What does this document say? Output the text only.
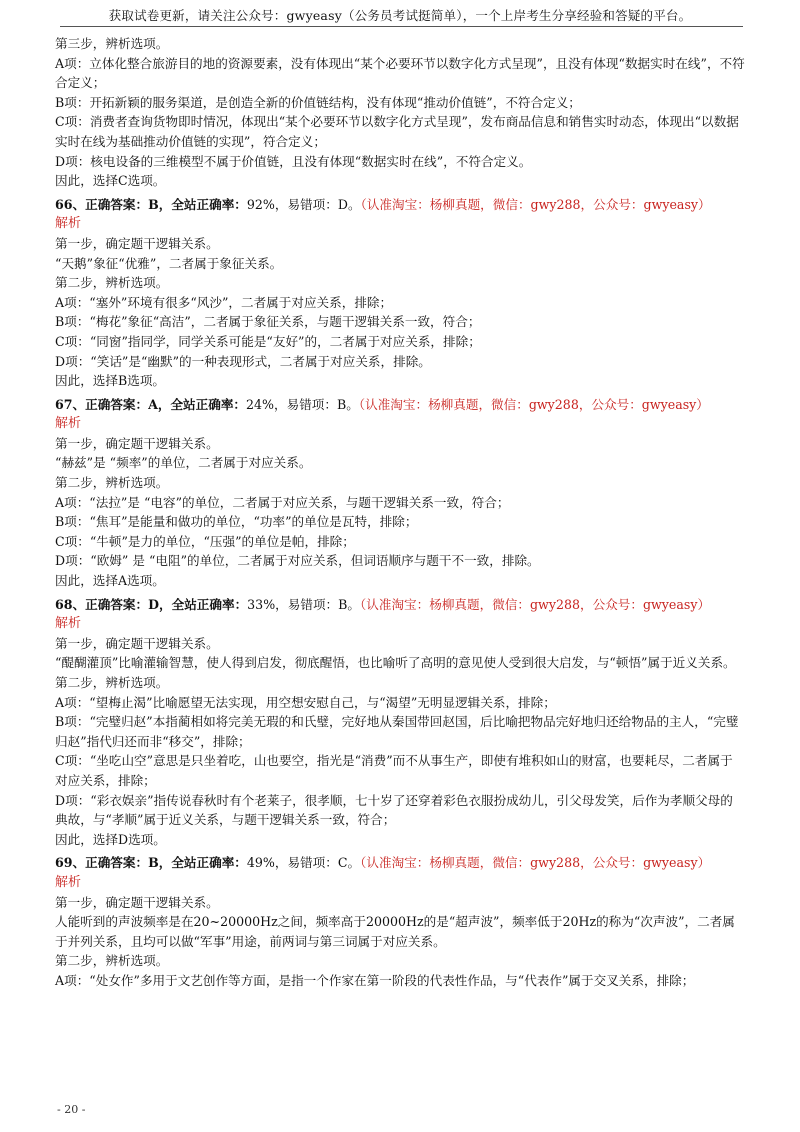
获取试卷更新，请关注公众号：gwyeasy（公务员考试挺简单），一个上岸考生分享经验和答疑的平台。
第三步，辨析选项。
A项：立体化整合旅游目的地的资源要素，没有体现出“某个必要环节以数字化方式呈现”，且没有体现“数据实时在线”，不符合定义；
B项：开拓新颖的服务渠道，是创造全新的价值链结构，没有体现“推动价值链”，不符合定义；
C项：消费者查询货物即时情况，体现出“某个必要环节以数字化方式呈现”，发布商品信息和销售实时动态，体现出“以数据实时在线为基础推动价值链的实现”，符合定义；
D项：核电设备的三维模型不属于价值链，且没有体现“数据实时在线”，不符合定义。
因此，选择C选项。
66、正确答案：B，全站正确率：92%，易错项：D。（认准淘宝：杨柳真题，微信：gwy288，公众号：gwyeasy）
解析
第一步，确定题干逻辑关系。
“天鹅”象征“优雅”，二者属于象征关系。
第二步，辨析选项。
A项：“塞外”环境有很多“风沙”，二者属于对应关系，排除；
B项：“梅花”象征“高洁”，二者属于象征关系，与题干逻辑关系一致，符合；
C项：“同窗”指同学，同学关系可能是“友好”的，二者属于对应关系，排除；
D项：“笑话”是“幽默”的一种表现形式，二者属于对应关系，排除。
因此，选择B选项。
67、正确答案：A，全站正确率：24%，易错项：B。（认准淘宝：杨柳真题，微信：gwy288，公众号：gwyeasy）
解析
第一步，确定题干逻辑关系。
“赫兹”是 “频率”的单位，二者属于对应关系。
第二步，辨析选项。
A项：“法拉”是 “电容”的单位，二者属于对应关系，与题干逻辑关系一致，符合；
B项：“焦耳”是能量和做功的单位，“功率”的单位是瓦特，排除；
C项：“牛顿”是力的单位，“压强”的单位是帕，排除；
D项：“欧姆” 是 “电阻”的单位，二者属于对应关系，但词语顺序与题干不一致，排除。
因此，选择A选项。
68、正确答案：D，全站正确率：33%，易错项：B。（认准淘宝：杨柳真题，微信：gwy288，公众号：gwyeasy）
解析
第一步，确定题干逻辑关系。
“醍醐灌顶”比喻灌输智慧，使人得到启发，彻底醒悟，也比喻听了高明的意见使人受到很大启发，与“顿悟”属于近义关系。
第二步，辨析选项。
A项：“望梅止渴”比喻愿望无法实现，用空想安慰自己，与“渴望”无明显逻辑关系，排除；
B项：“完璧归赵”本指蔺相如将完美无瑕的和氏璧，完好地从秦国带回赵国，后比喻把物品完好地归还给物品的主人，“完璧归赵”指代归还而非“移交”，排除；
C项：“坐吃山空”意思是只坐着吃，山也要空，指光是“消费”而不从事生产，即使有堆积如山的财富，也要耗尽，二者属于对应关系，排除；
D项：“彩衣娱亲”指传说春秋时有个老莱子，很孝顺，七十岁了还穿着彩色衣服扮成幼儿，引父母发笑，后作为孝顺父母的典故，与“孝顺”属于近义关系，与题干逻辑关系一致，符合；
因此，选择D选项。
69、正确答案：B，全站正确率：49%，易错项：C。（认准淘宝：杨柳真题，微信：gwy288，公众号：gwyeasy）
解析
第一步，确定题干逻辑关系。
人能听到的声波频率是在20~20000Hz之间，频率高于20000Hz的是“超声波”，频率低于20Hz的称为“次声波”，二者属于并列关系，且均可以做“军事”用途，前两词与第三词属于对应关系。
第二步，辨析选项。
A项：“处女作”多用于文艺创作等方面，是指一个作家在第一阶段的代表性作品，与“代表作”属于交叉关系，排除；
- 20 -
